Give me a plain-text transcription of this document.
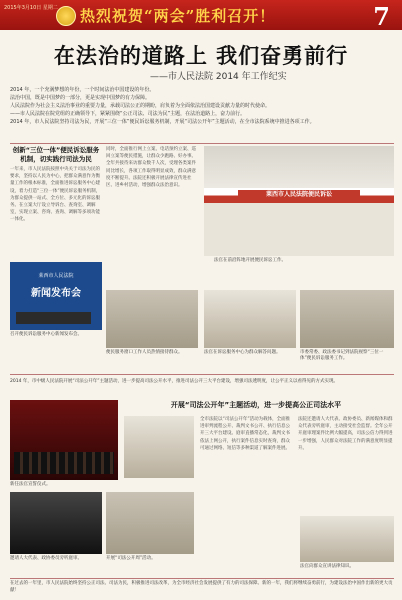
2015年3月10日 星期二 热烈祝贺“两会”胜利召开！	7
在法治的道路上 我们奋勇前行
——市人民法院 2014 年工作纪实

2014 年，一个充满梦想的年份，一个时间法治中国建设的年份。

法治中国，既是中国梦的一部分，更是实现中国梦的有力保障。

人民法院作为社会主义法治事业的重要力量，承载司法公正的期盼，肩负着为全面依法治国建设贡献力量的时代使命。

——市人民法院在院党组的正确领导下，紧紧围绕“公正司法、司法为民”主题，在法治道路上，奋力前行。

2014 年，市人民法院坚持司法为民，开展“三位一体”便民诉讼服务机制，开展“司法公开年”主题活动，在全市法院系统中推进各项工作。

创新“三位一体”便民诉讼服务机制，切实践行司法为民
一年来，市人民法院按照中央关于司法为民的要求，坚持以人民为中心，把群众满意作为衡量工作的根本标准，全面推进诉讼服务中心建设，着力打造“三位一体”便民诉讼服务机制，为群众提供一站式、全方位、多元化的诉讼服务。在立案大厅设立导诉台、查询室、调解室，实现立案、咨询、查询、调解等多项功能一体化。
同时，全面推行网上立案、电话预约立案、巡回立案等便民措施，让群众少跑路、好办事。全年共接待来访群众数千人次，受理各类案件同比增长，各项工作取得明显成效，群众满意度不断提升。法院还积极开展法律宣传进社区、进乡村活动，增强群众法治意识。
莱西市人民法院便民诉讼
法官在前沿阵地开展便民诉讼工作。
莱西市人民法院
新闻发布会
召开便民诉讼服务中心新闻发布会。
便民服务窗口工作人员热情接待群众。	法官在诉讼服务中心为群众解答问题。	市委常委、政法委书记到法院视察“三位一体”便民诉讼服务工作。
2014 年，市中级人民法院开展“司法公开年”主题活动，进一步提高司法公开水平，推进司法公开三大平台建设，增强司法透明度，让公平正义以看得见的方式实现。
开展“司法公开年”主题活动，进一步提高公正司法水平
新任法官宣誓仪式。
邀请人大代表、政协委员旁听庭审。	开展“司法公开周”活动。
全市法院以“司法公开年”活动为载体，全面推进审判流程公开、裁判文书公开、执行信息公开三大平台建设。庭审直播常态化，裁判文书依法上网公开，执行案件信息实时查询，群众可通过网络、短信等多种渠道了解案件进展。
法院还邀请人大代表、政协委员、新闻媒体和群众代表旁听庭审，主动接受社会监督。全年公开开庭审理案件比例大幅提高，司法公信力得到进一步增强，人民群众对法院工作的满意度明显提升。
法官向群众宣讲法律知识。
在过去的一年里，市人民法院始终坚持公正司法、司法为民，积极推进司法改革，为全市经济社会发展提供了有力的司法保障。新的一年，我们将继续奋勇前行，为建设法治中国作出新的更大贡献！
